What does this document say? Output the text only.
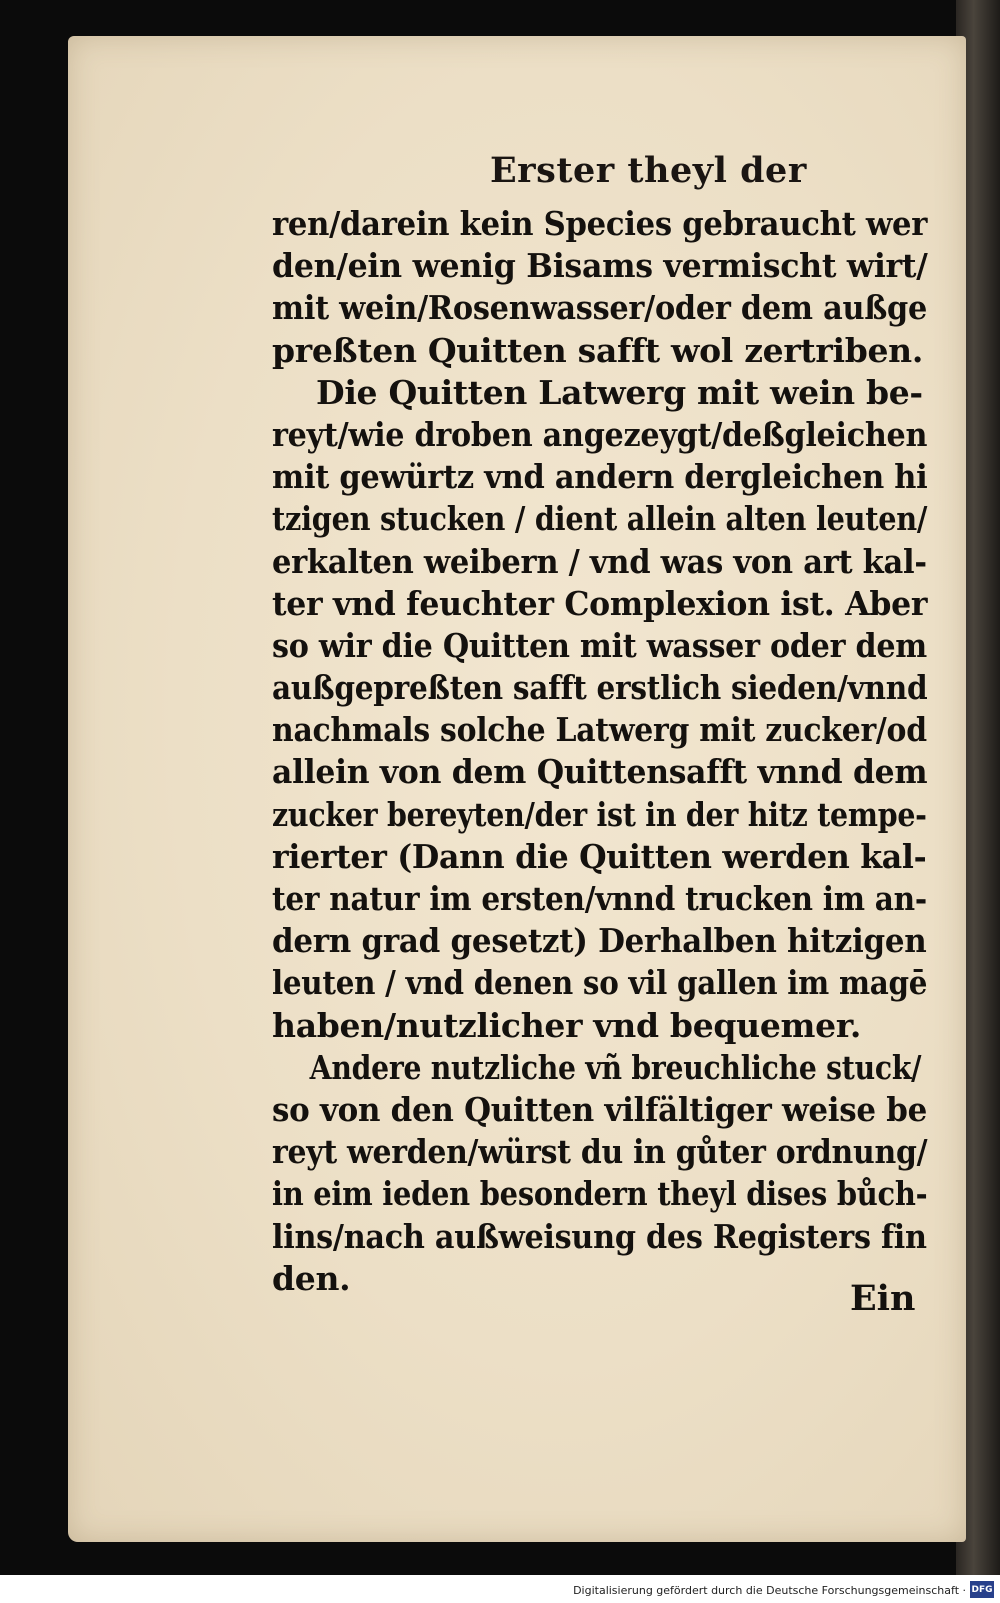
Erster theyl der
ren/darein kein Species gebraucht wer
den/ein wenig Bisams vermischt wirt/
mit wein/Rosenwasser/oder dem außge
preßten Quitten safft wol zertriben.
Die Quitten Latwerg mit wein be-
reyt/wie droben angezeygt/deßgleichen
mit gewürtz vnd andern dergleichen hi
tzigen stucken / dient allein alten leuten/
erkalten weibern / vnd was von art kal-
ter vnd feuchter Complexion ist. Aber
so wir die Quitten mit wasser oder dem
außgepreßten safft erstlich sieden/vnnd
nachmals solche Latwerg mit zucker/od
allein von dem Quittensafft vnnd dem
zucker bereyten/der ist in der hitz tempe-
rierter (Dann die Quitten werden kal-
ter natur im ersten/vnnd trucken im an-
dern grad gesetzt) Derhalben hitzigen
leuten / vnd denen so vil gallen im magē
haben/nutzlicher vnd bequemer.
Andere nutzliche vñ breuchliche stuck/
so von den Quitten vilfältiger weise be
reyt werden/würst du in gůter ordnung/
in eim ieden besondern theyl dises bůch-
lins/nach außweisung des Registers fin
den.	Ein
Digitalisierung gefördert durch die Deutsche Forschungsgemeinschaft · DFG
